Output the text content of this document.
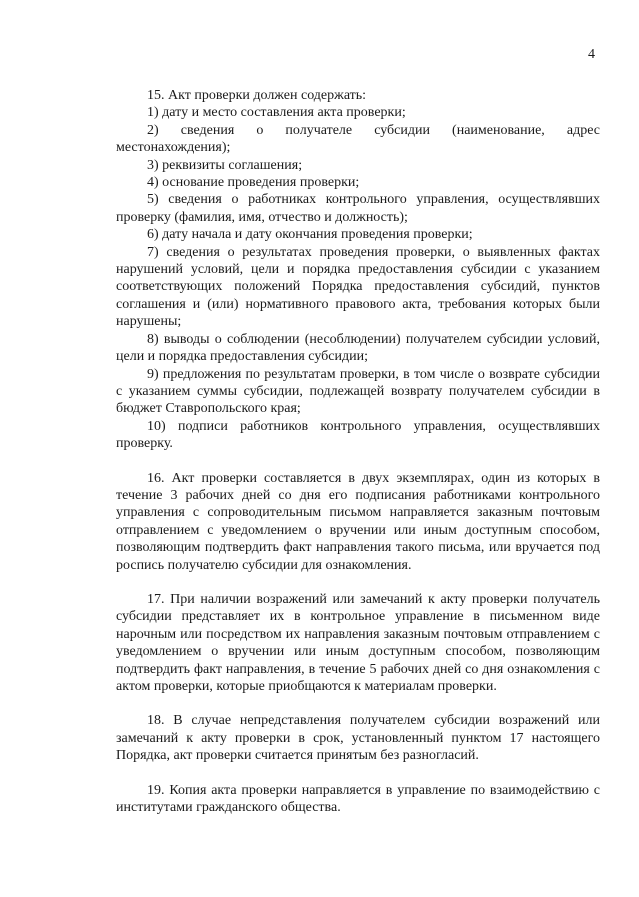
4

15. Акт проверки должен содержать:

1) дату и место составления акта проверки;

2) сведения о получателе субсидии (наименование, адрес местонахождения);

3) реквизиты соглашения;

4) основание проведения проверки;

5) сведения о работниках контрольного управления, осуществлявших проверку (фамилия, имя, отчество и должность);

6) дату начала и дату окончания проведения проверки;

7) сведения о результатах проведения проверки, о выявленных фактах нарушений условий, цели и порядка предоставления субсидии с указанием соответствующих положений Порядка предоставления субсидий, пунктов соглашения и (или) нормативного правового акта, требования которых были нарушены;

8) выводы о соблюдении (несоблюдении) получателем субсидии условий, цели и порядка предоставления субсидии;

9) предложения по результатам проверки, в том числе о возврате субсидии с указанием суммы субсидии, подлежащей возврату получателем субсидии в бюджет Ставропольского края;

10) подписи работников контрольного управления, осуществлявших проверку.

16. Акт проверки составляется в двух экземплярах, один из которых в течение 3 рабочих дней со дня его подписания работниками контрольного управления с сопроводительным письмом направляется заказным почтовым отправлением с уведомлением о вручении или иным доступным способом, позволяющим подтвердить факт направления такого письма, или вручается под роспись получателю субсидии для ознакомления.

17. При наличии возражений или замечаний к акту проверки получатель субсидии представляет их в контрольное управление в письменном виде нарочным или посредством их направления заказным почтовым отправлением с уведомлением о вручении или иным доступным способом, позволяющим подтвердить факт направления, в течение 5 рабочих дней со дня ознакомления с актом проверки, которые приобщаются к материалам проверки.

18. В случае непредставления получателем субсидии возражений или замечаний к акту проверки в срок, установленный пунктом 17 настоящего Порядка, акт проверки считается принятым без разногласий.

19. Копия акта проверки направляется в управление по взаимодействию с институтами гражданского общества.
